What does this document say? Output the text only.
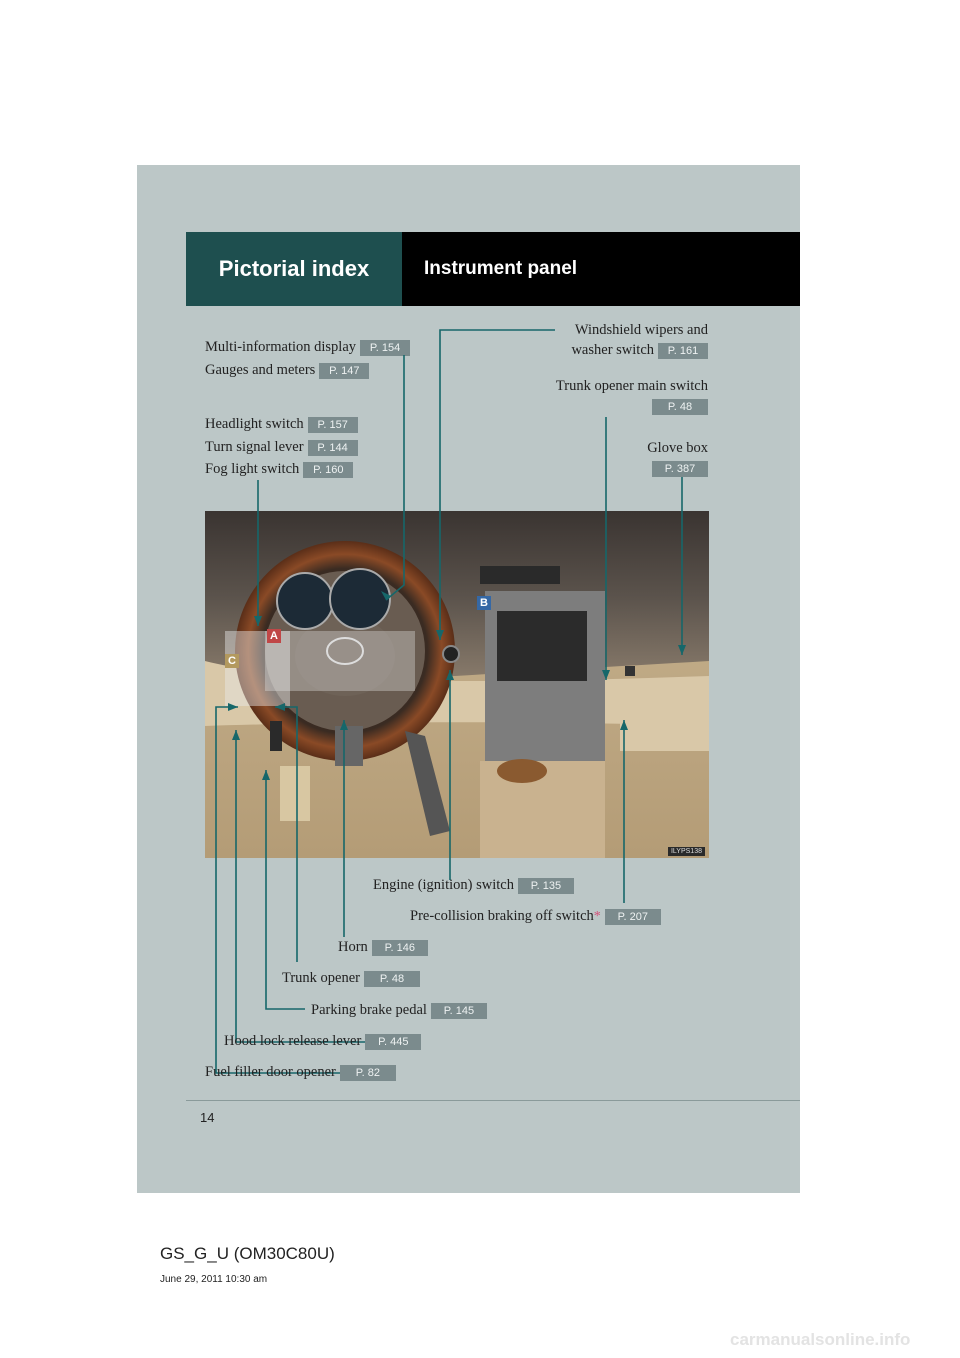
Pictorial index	Instrument panel
Multi-information display P. 154
Gauges and meters P. 147
Headlight switch P. 157
Turn signal lever P. 144
Fog light switch P. 160
Windshield wipers and
washer switch P. 161
Trunk opener main switch
P. 48
Glove box
P. 387
A
B
C
ILYPS138
Engine (ignition) switch P. 135
Pre-collision braking off switch* P. 207
Horn P. 146
Trunk opener P. 48
Parking brake pedal P. 145
Hood lock release lever P. 445
Fuel filler door opener P. 82
14
GS_G_U (OM30C80U)
June 29, 2011 10:30 am
carmanualsonline.info
